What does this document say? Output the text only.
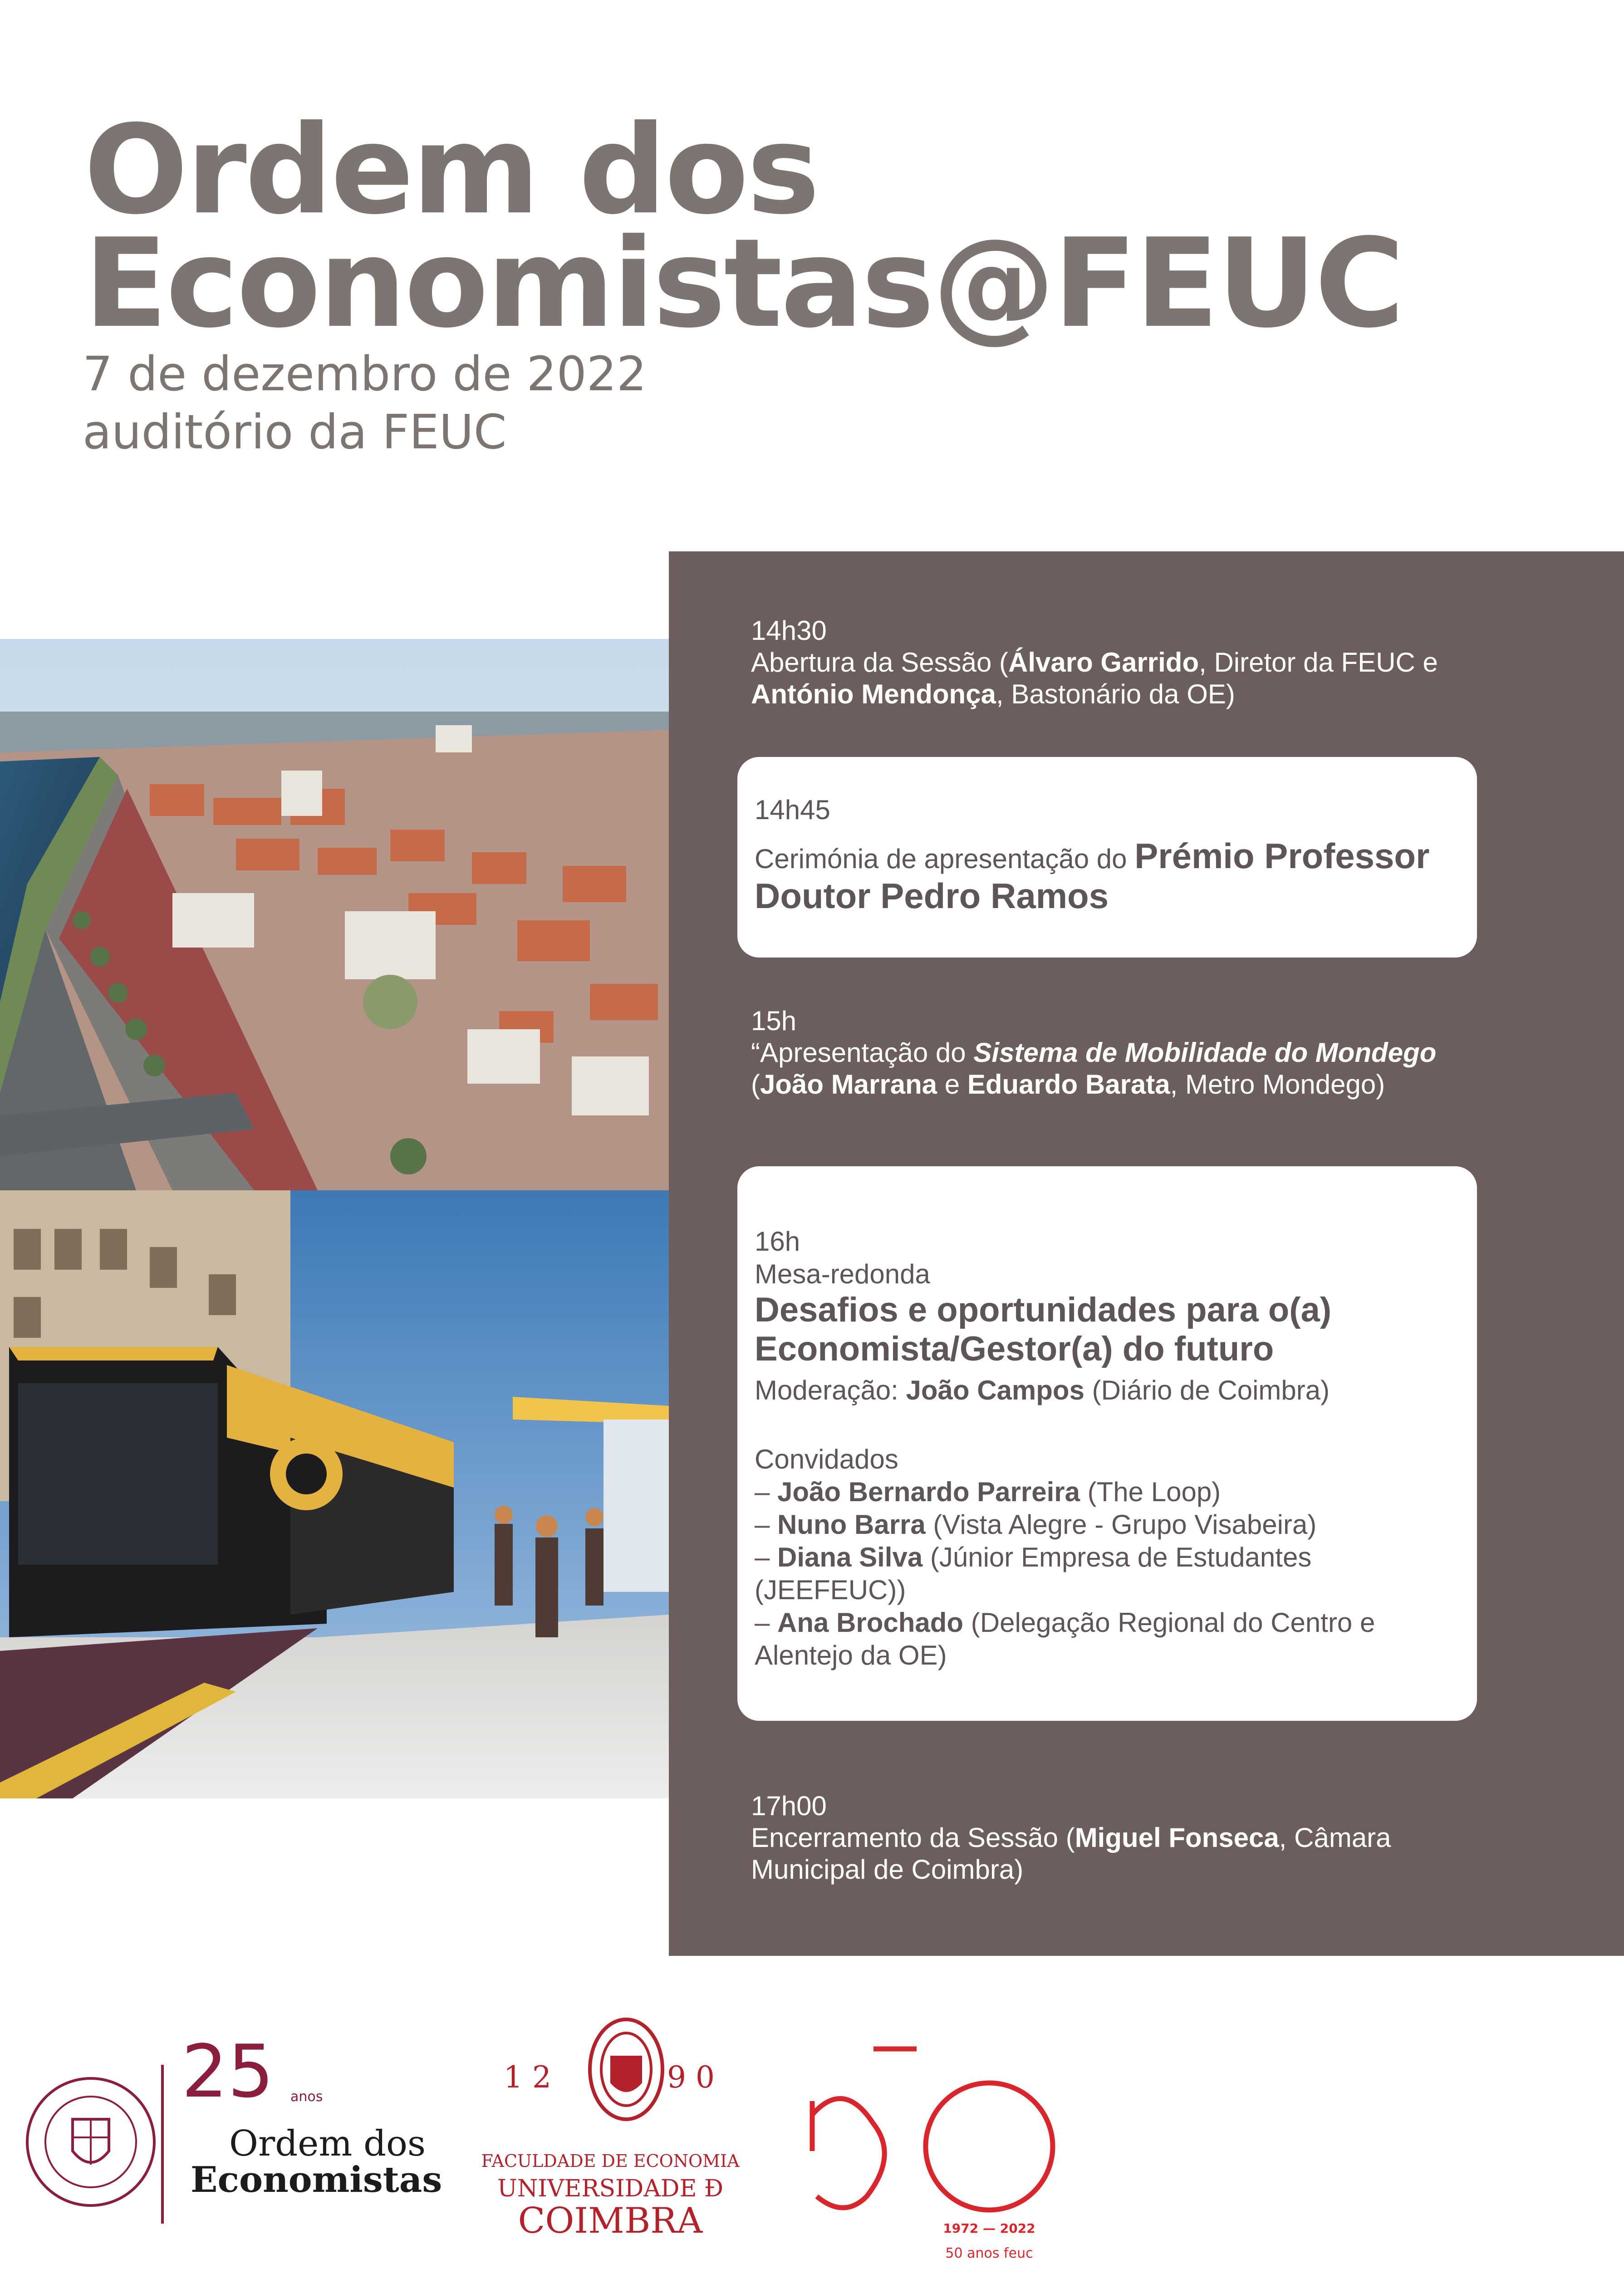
Ordem dos
Economistas@FEUC
7 de dezembro de 2022
auditório da FEUC
14h30
Abertura da Sessão (Álvaro Garrido, Diretor da FEUC e António Mendonça, Bastonário da OE)
14h45
Cerimónia de apresentação do Prémio Professor
Doutor Pedro Ramos
15h
“Apresentação do Sistema de Mobilidade do Mondego (João Marrana e Eduardo Barata, Metro Mondego)
16h
Mesa-redonda
Desafios e oportunidades para o(a)
Economista/Gestor(a) do futuro
Moderação: João Campos (Diário de Coimbra)
Convidados
– João Bernardo Parreira (The Loop)
– Nuno Barra (Vista Alegre - Grupo Visabeira)
– Diana Silva (Júnior Empresa de Estudantes (JEEFEUC))
– Ana Brochado (Delegação Regional do Centro e Alentejo da OE)
17h00
Encerramento da Sessão (Miguel Fonseca, Câmara Municipal de Coimbra)
25 anos
Ordem dos
Economistas
1 2	9 0
FACULDADE DE ECONOMIA
UNIVERSIDADE Ɖ
COIMBRA	1972 — 2022
50 anos feuc
